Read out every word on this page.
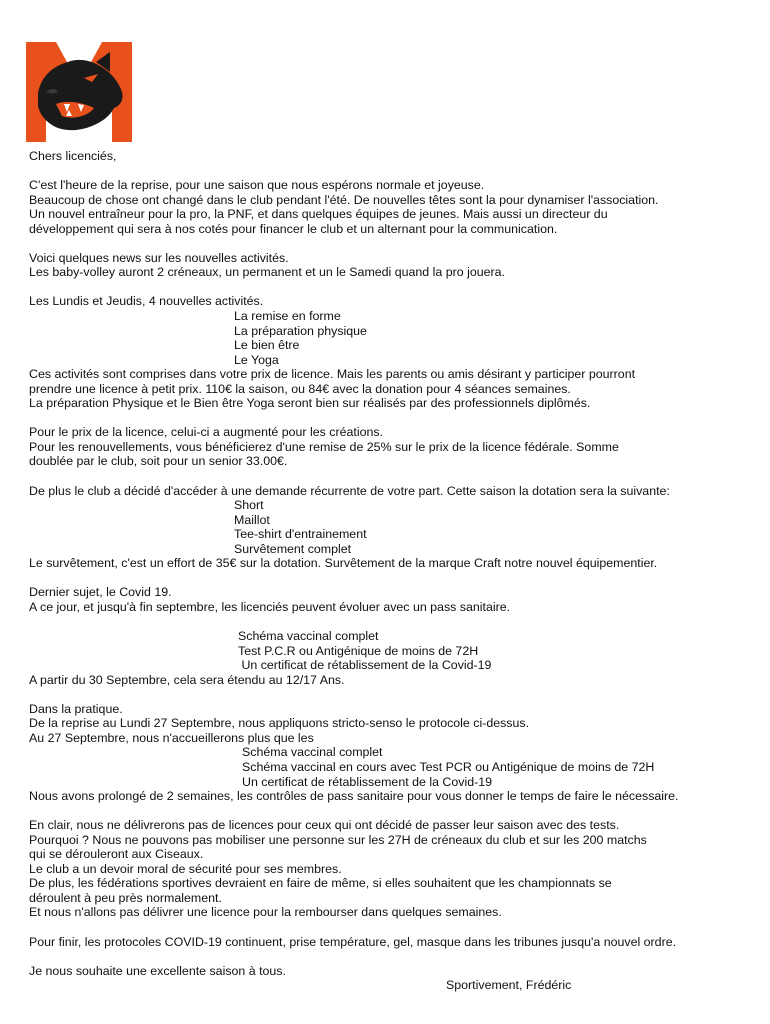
Chers licenciés,
C'est l'heure de la reprise, pour une saison que nous espérons normale et joyeuse.
Beaucoup de chose ont changé dans le club pendant l'été. De nouvelles têtes sont la pour dynamiser l'association.
Un nouvel entraîneur pour la pro, la PNF, et dans quelques équipes de jeunes. Mais aussi un directeur du
développement qui sera à nos cotés pour financer le club et un alternant pour la communication.
Voici quelques news sur les nouvelles activités.
Les baby-volley auront 2 créneaux, un permanent et un le Samedi quand la pro jouera.
Les Lundis et Jeudis, 4 nouvelles activités.
La remise en forme
La préparation physique
Le bien être
Le Yoga
Ces activités sont comprises dans votre prix de licence. Mais les parents ou amis désirant y participer pourront
prendre une licence à petit prix. 110€ la saison, ou 84€ avec la donation pour 4 séances semaines.
La préparation Physique et le Bien être Yoga seront bien sur réalisés par des professionnels diplômés.
Pour le prix de la licence, celui-ci a augmenté pour les créations.
Pour les renouvellements, vous bénéficierez d'une remise de 25% sur le prix de la licence fédérale. Somme
doublée par le club, soit pour un senior 33.00€.
De plus le club a décidé d'accéder à une demande récurrente de votre part. Cette saison la dotation sera la suivante:
Short
Maillot
Tee-shirt d'entrainement
Survêtement complet
Le survêtement, c'est un effort de 35€ sur la dotation. Survêtement de la marque Craft notre nouvel équipementier.
Dernier sujet, le Covid 19.
A ce jour, et jusqu'à fin septembre, les licenciés peuvent évoluer avec un pass sanitaire.
Schéma vaccinal complet
Test P.C.R ou Antigénique de moins de 72H
Un certificat de rétablissement de la Covid-19
A partir du 30 Septembre, cela sera étendu au 12/17 Ans.
Dans la pratique.
De la reprise au Lundi 27 Septembre, nous appliquons stricto-senso le protocole ci-dessus.
Au 27 Septembre, nous n'accueillerons plus que les
Schéma vaccinal complet
Schéma vaccinal en cours avec Test PCR ou Antigénique de moins de 72H
Un certificat de rétablissement de la Covid-19
Nous avons prolongé de 2 semaines, les contrôles de pass sanitaire pour vous donner le temps de faire le nécessaire.
En clair, nous ne délivrerons pas de licences pour ceux qui ont décidé de passer leur saison avec des tests.
Pourquoi ? Nous ne pouvons pas mobiliser une personne sur les 27H de créneaux du club et sur les 200 matchs
qui se dérouleront aux Ciseaux.
Le club a un devoir moral de sécurité pour ses membres.
De plus, les fédérations sportives devraient en faire de même, si elles souhaitent que les championnats se
déroulent à peu près normalement.
Et nous n'allons pas délivrer une licence pour la rembourser dans quelques semaines.
Pour finir, les protocoles COVID-19 continuent, prise température, gel, masque dans les tribunes jusqu'a nouvel ordre.
Je nous souhaite une excellente saison à tous.
Sportivement, Frédéric
